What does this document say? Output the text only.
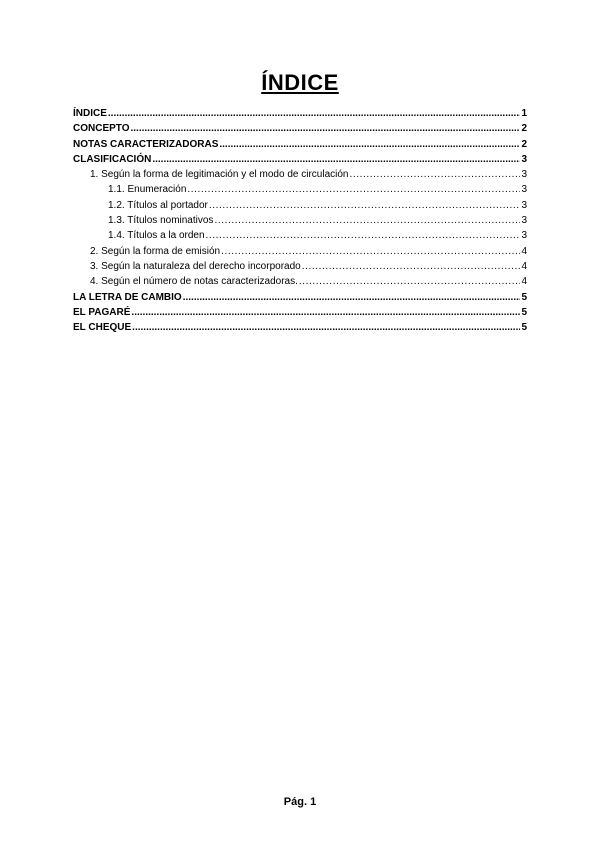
ÍNDICE
ÍNDICE .....	1
CONCEPTO .....	2
NOTAS CARACTERIZADORAS .....	2
CLASIFICACIÓN .....	3
1. Según la forma de legitimación y el modo de circulación .....	3
1.1. Enumeración .....	3
1.2. Títulos al portador .....	3
1.3. Títulos nominativos .....	3
1.4. Títulos a la orden .....	3
2. Según la forma de emisión .....	4
3. Según la naturaleza del derecho incorporado .....	4
4. Según el número de notas caracterizadoras. .....	4
LA LETRA DE CAMBIO .....	5
EL PAGARÉ .....	5
EL CHEQUE .....	5
Pág. 1
